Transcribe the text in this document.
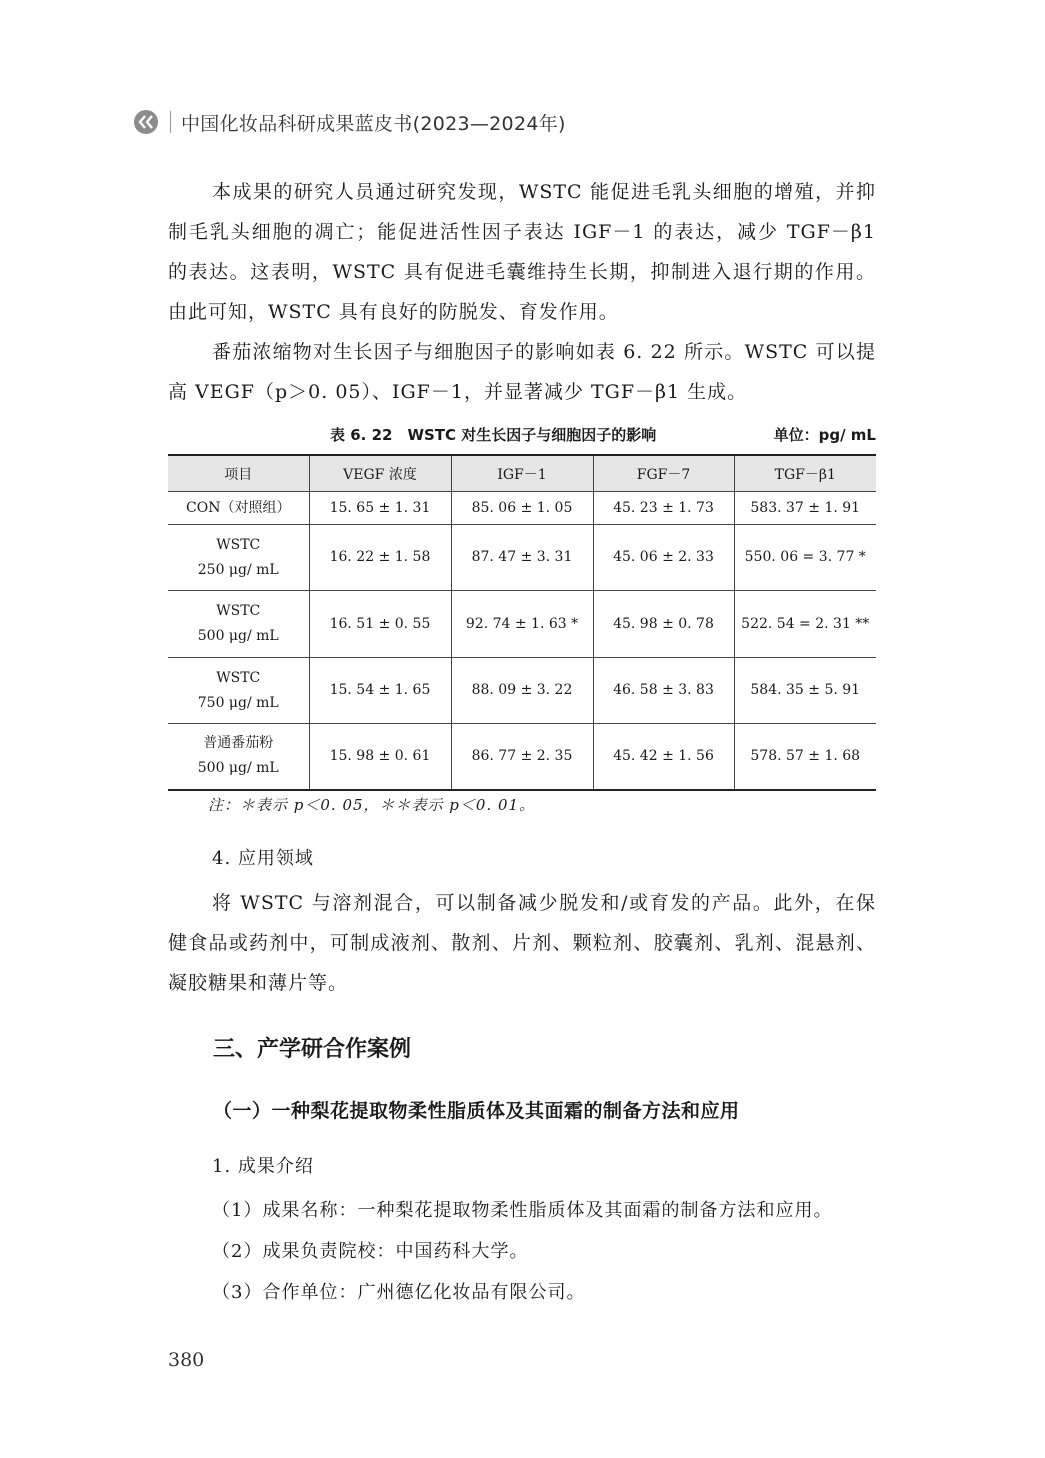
中国化妆品科研成果蓝皮书(2023—2024年)

本成果的研究人员通过研究发现，WSTC 能促进毛乳头细胞的增殖，并抑制毛乳头细胞的凋亡；能促进活性因子表达 IGF－1 的表达，减少 TGF－β1 的表达。这表明，WSTC 具有促进毛囊维持生长期，抑制进入退行期的作用。由此可知，WSTC 具有良好的防脱发、育发作用。

番茄浓缩物对生长因子与细胞因子的影响如表 6. 22 所示。WSTC 可以提高 VEGF（p＞0. 05）、IGF－1，并显著减少 TGF－β1 生成。

表 6. 22　WSTC 对生长因子与细胞因子的影响	单位：pg/ mL
项目	VEGF 浓度	IGF－1	FGF－7	TGF－β1
CON（对照组）	15. 65 ± 1. 31	85. 06 ± 1. 05	45. 23 ± 1. 73	583. 37 ± 1. 91
WSTC
250 μg/ mL	16. 22 ± 1. 58	87. 47 ± 3. 31	45. 06 ± 2. 33	550. 06 = 3. 77 *
WSTC
500 μg/ mL	16. 51 ± 0. 55	92. 74 ± 1. 63 *	45. 98 ± 0. 78	522. 54 = 2. 31 **
WSTC
750 μg/ mL	15. 54 ± 1. 65	88. 09 ± 3. 22	46. 58 ± 3. 83	584. 35 ± 5. 91
普通番茄粉
500 μg/ mL	15. 98 ± 0. 61	86. 77 ± 2. 35	45. 42 ± 1. 56	578. 57 ± 1. 68
注：＊表示 p＜0. 05，＊＊表示 p＜0. 01。
4. 应用领域

将 WSTC 与溶剂混合，可以制备减少脱发和/或育发的产品。此外，在保健食品或药剂中，可制成液剂、散剂、片剂、颗粒剂、胶囊剂、乳剂、混悬剂、凝胶糖果和薄片等。

三、产学研合作案例
（一）一种梨花提取物柔性脂质体及其面霜的制备方法和应用
1. 成果介绍
（1）成果名称：一种梨花提取物柔性脂质体及其面霜的制备方法和应用。
（2）成果负责院校：中国药科大学。
（3）合作单位：广州德亿化妆品有限公司。
380
